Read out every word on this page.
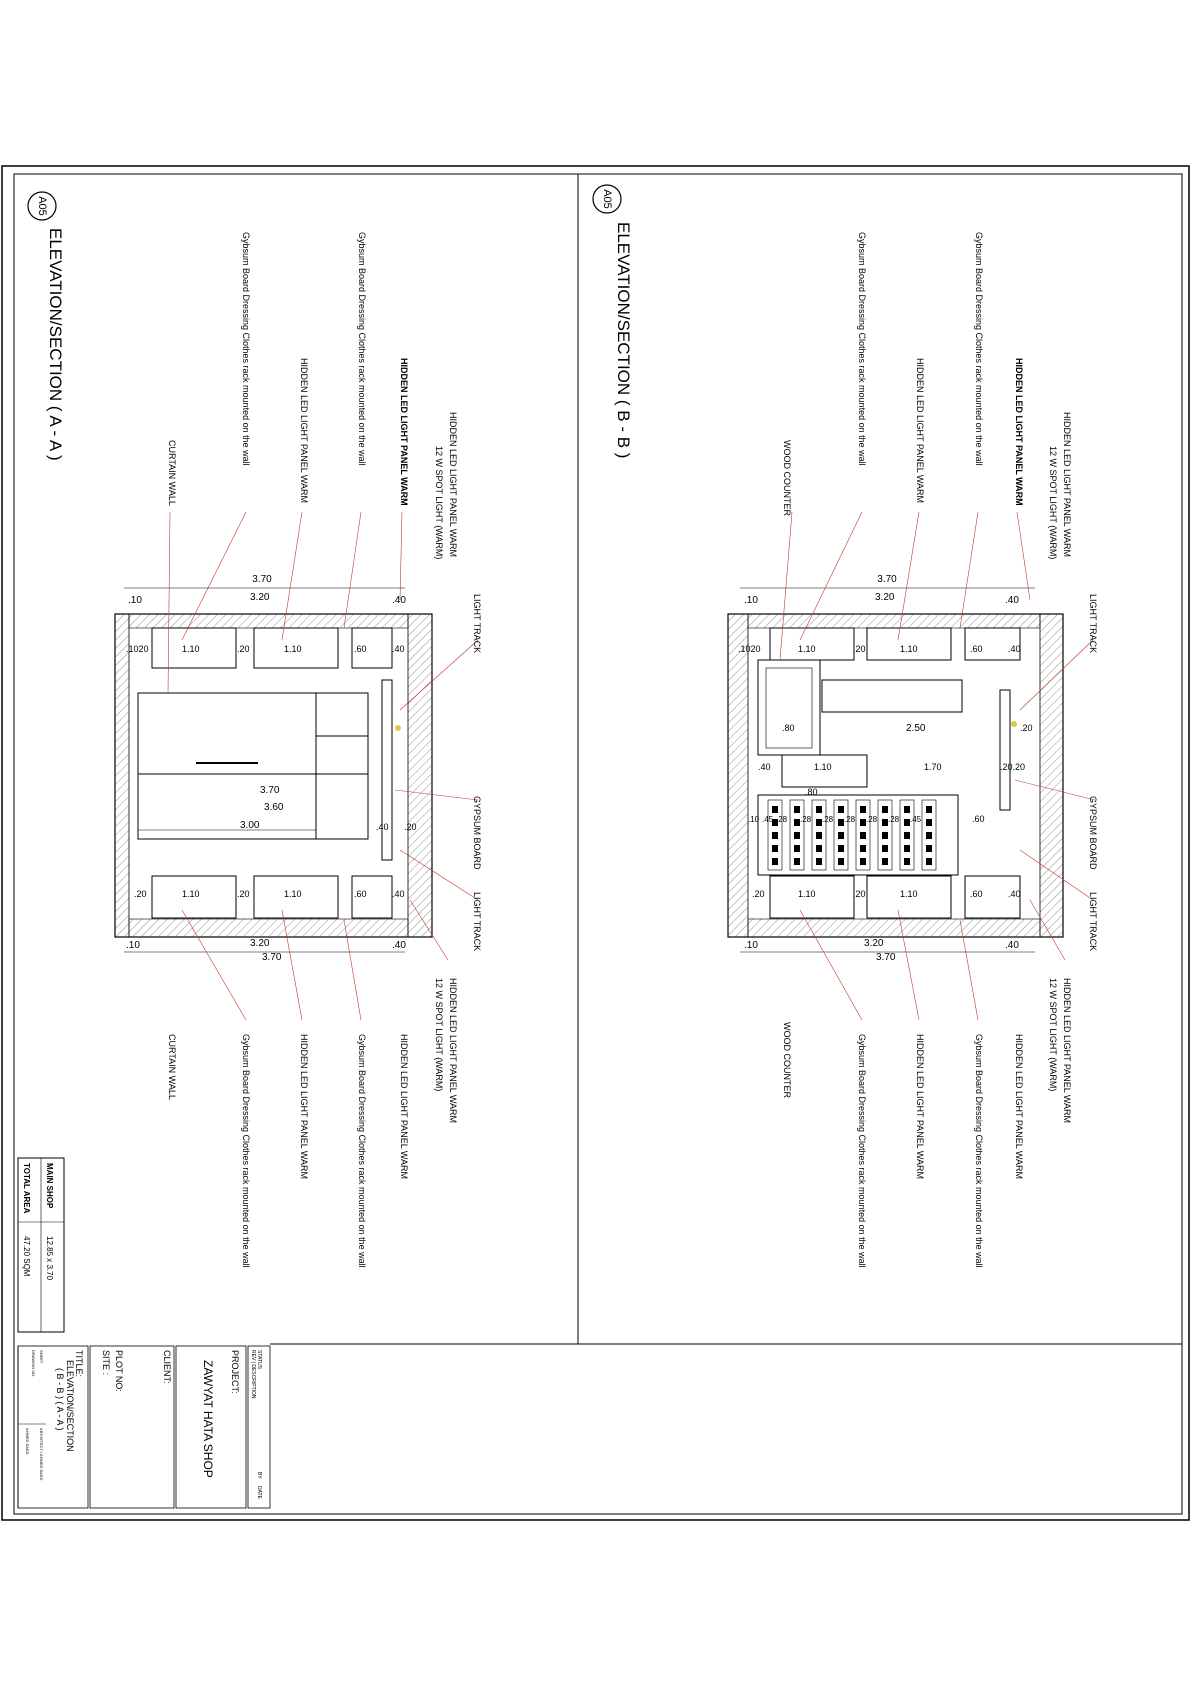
A05
ELEVATION/SECTION ( B - B )
3.70
.10	3.20	.40
.1020	1.10	.20	1.10	.60	.40
2.50
.80
.40	1.10	1.70	.20.20
.20
.80
.10 .45 .28 .28 .28 .28 .28 .28 .45	.60
.20	1.10	.20	1.10	.60	.40
.10	3.20	.40
3.70
Gybsum Board Dressing Clothes rack mounted on the wall	HIDDEN LED LIGHT PANEL WARM	Gybsum Board Dressing Clothes rack mounted on the wall	HIDDEN LED LIGHT PANEL WARM
WOOD COUNTER	HIDDEN LED LIGHT PANEL WARM
12 W SPOT LIGHT (WARM)
LIGHT TRACK
Gybsum Board Dressing Clothes rack mounted on the wall	HIDDEN LED LIGHT PANEL WARM	Gybsum Board Dressing Clothes rack mounted on the wall	HIDDEN LED LIGHT PANEL WARM
WOOD COUNTER	HIDDEN LED LIGHT PANEL WARM
12 W SPOT LIGHT (WARM)
GYPSUM BOARD
LIGHT TRACK
A05
ELEVATION/SECTION ( A - A )
3.70
.10	3.20	.40
.1020	1.10	.20	1.10	.60	.40
3.70
3.60
3.00	.40 .20
.20	1.10	.20	1.10	.60	.40
.10	3.20	.40
3.70
Gybsum Board Dressing Clothes rack mounted on the wall	HIDDEN LED LIGHT PANEL WARM	Gybsum Board Dressing Clothes rack mounted on the wall	HIDDEN LED LIGHT PANEL WARM
CURTAIN WALL	HIDDEN LED LIGHT PANEL WARM
12 W SPOT LIGHT (WARM)
LIGHT TRACK
Gybsum Board Dressing Clothes rack mounted on the wall	HIDDEN LED LIGHT PANEL WARM	Gybsum Board Dressing Clothes rack mounted on the wall	HIDDEN LED LIGHT PANEL WARM
CURTAIN WALL	HIDDEN LED LIGHT PANEL WARM
12 W SPOT LIGHT (WARM)
GYPSUM BOARD
LIGHT TRACK
MAIN SHOP
12.85 x 3.70
TOTAL AREA
47.20 SQM
REV | DESCRIPTION STATUS
BY
DATE
PROJECT:
ZAWYAT HATA SHOP
CLIENT:
PLOT NO:
SITE :
TITLE:
ELEVATION/SECTION
( B - B ) ( A - A )
SHEET
DRAWING NO.
ARCHITECT / AHMED SAED
AHMED SAED
